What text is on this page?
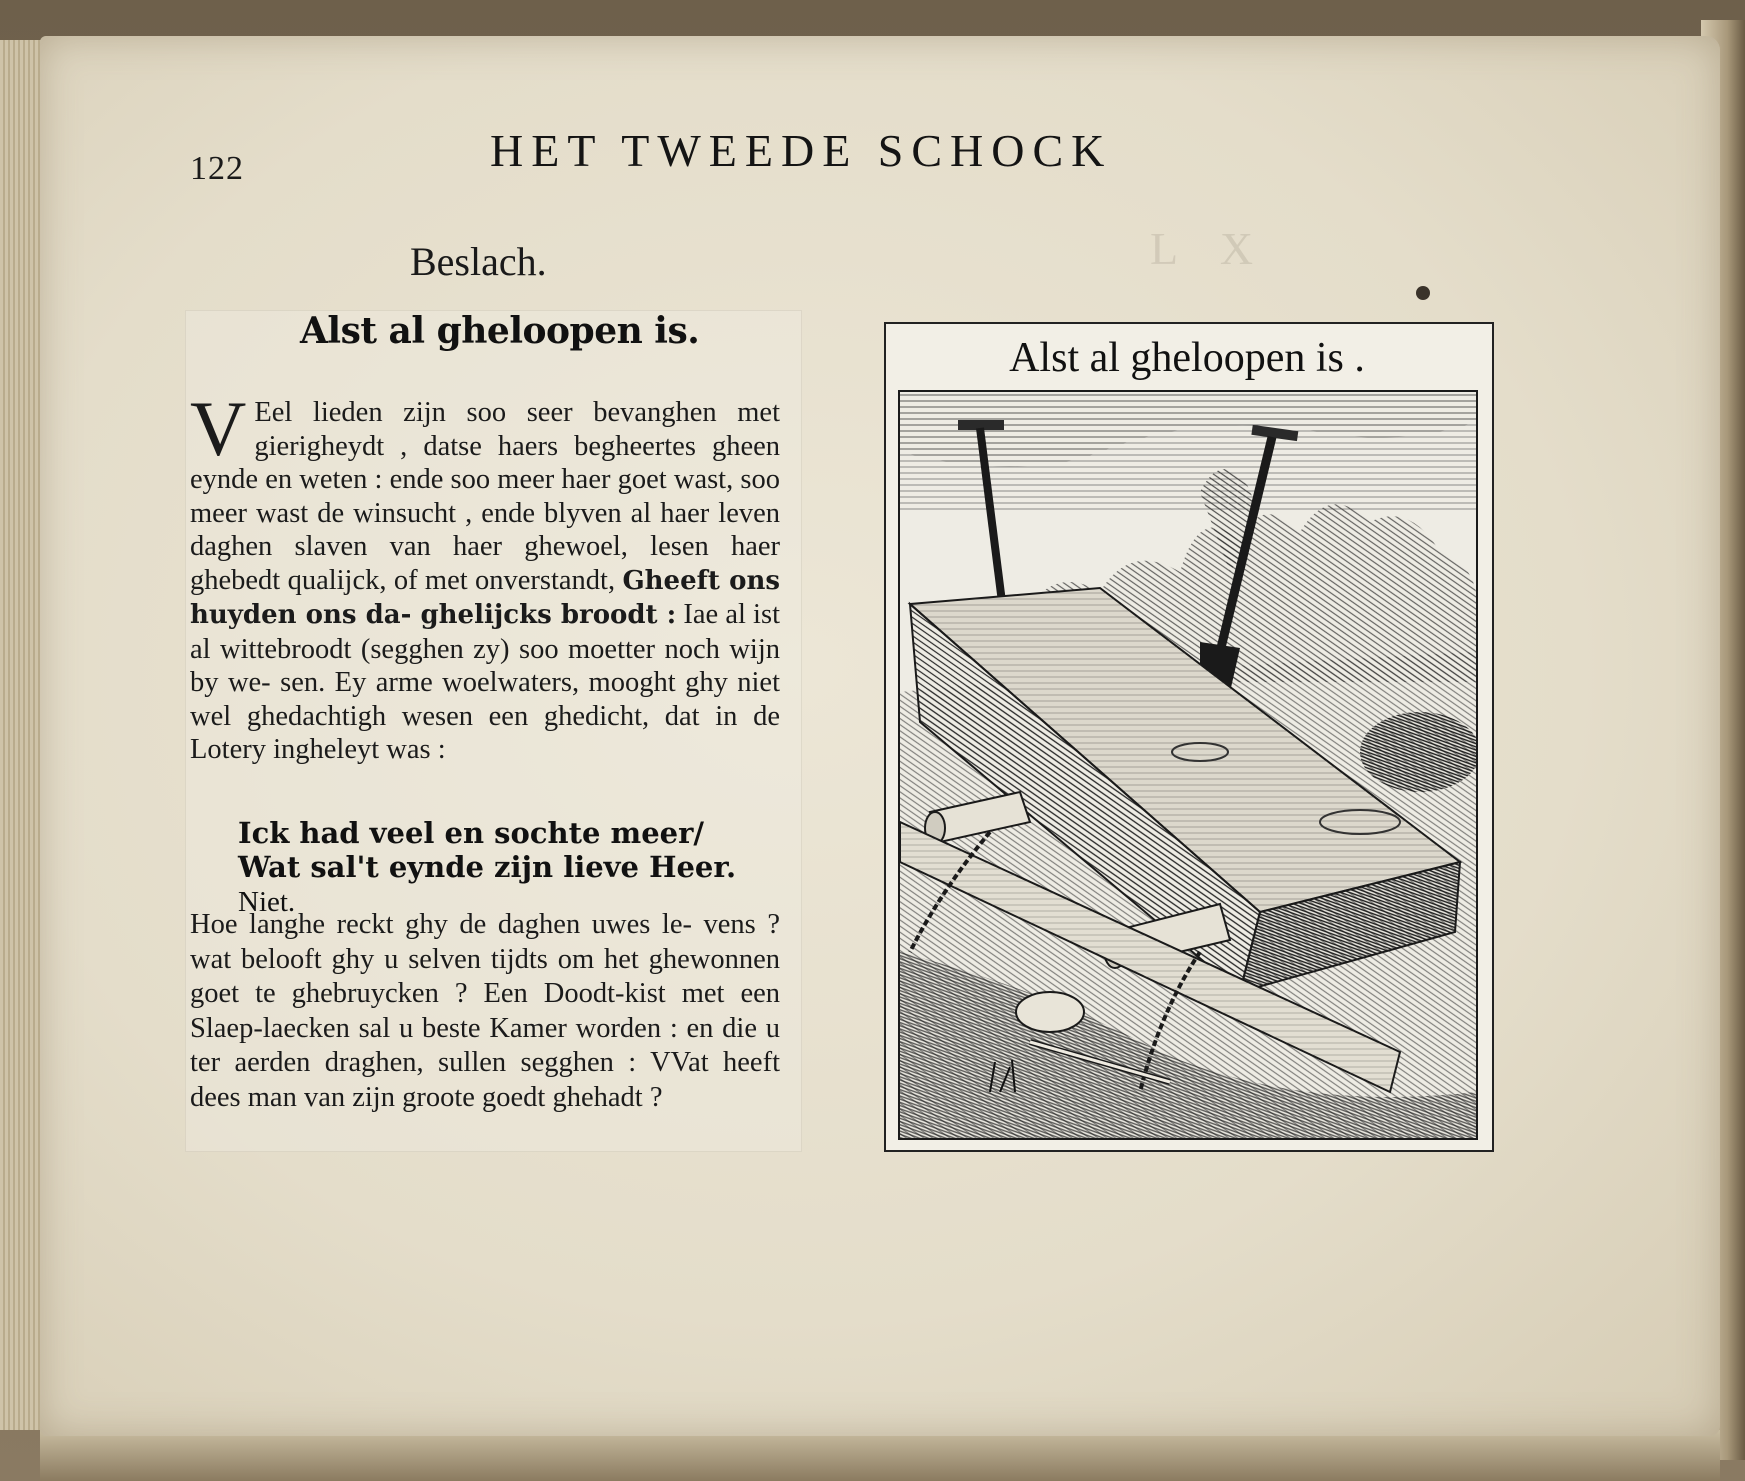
L X
122	HET TWEEDE SCHOCK
Beslach.
Alst al gheloopen is.

V Eel lieden zijn soo seer bevanghen met gierigheydt , datse haers begheertes gheen eynde en weten : ende soo meer haer goet wast, soo meer wast de winsucht , ende blyven al haer leven daghen slaven van haer ghewoel, lesen haer ghebedt qualijck, of met onverstandt, Gheeft ons huyden ons da- ghelijcks broodt : Iae al ist al wittebroodt (segghen zy) soo moetter noch wijn by we- sen. Ey arme woelwaters, mooght ghy niet wel ghedachtigh wesen een ghedicht, dat in de Lotery ingheleyt was :

Ick had veel en sochte meer/
Wat sal't eynde zijn lieve Heer. Niet.
Hoe langhe reckt ghy de daghen uwes le- vens ? wat belooft ghy u selven tijdts om het ghewonnen goet te ghebruycken ? Een Doodt-kist met een Slaep-laecken sal u beste Kamer worden : en die u ter aerden draghen, sullen segghen : VVat heeft dees man van zijn groote goedt ghehadt ?
Alst al gheloopen is .
